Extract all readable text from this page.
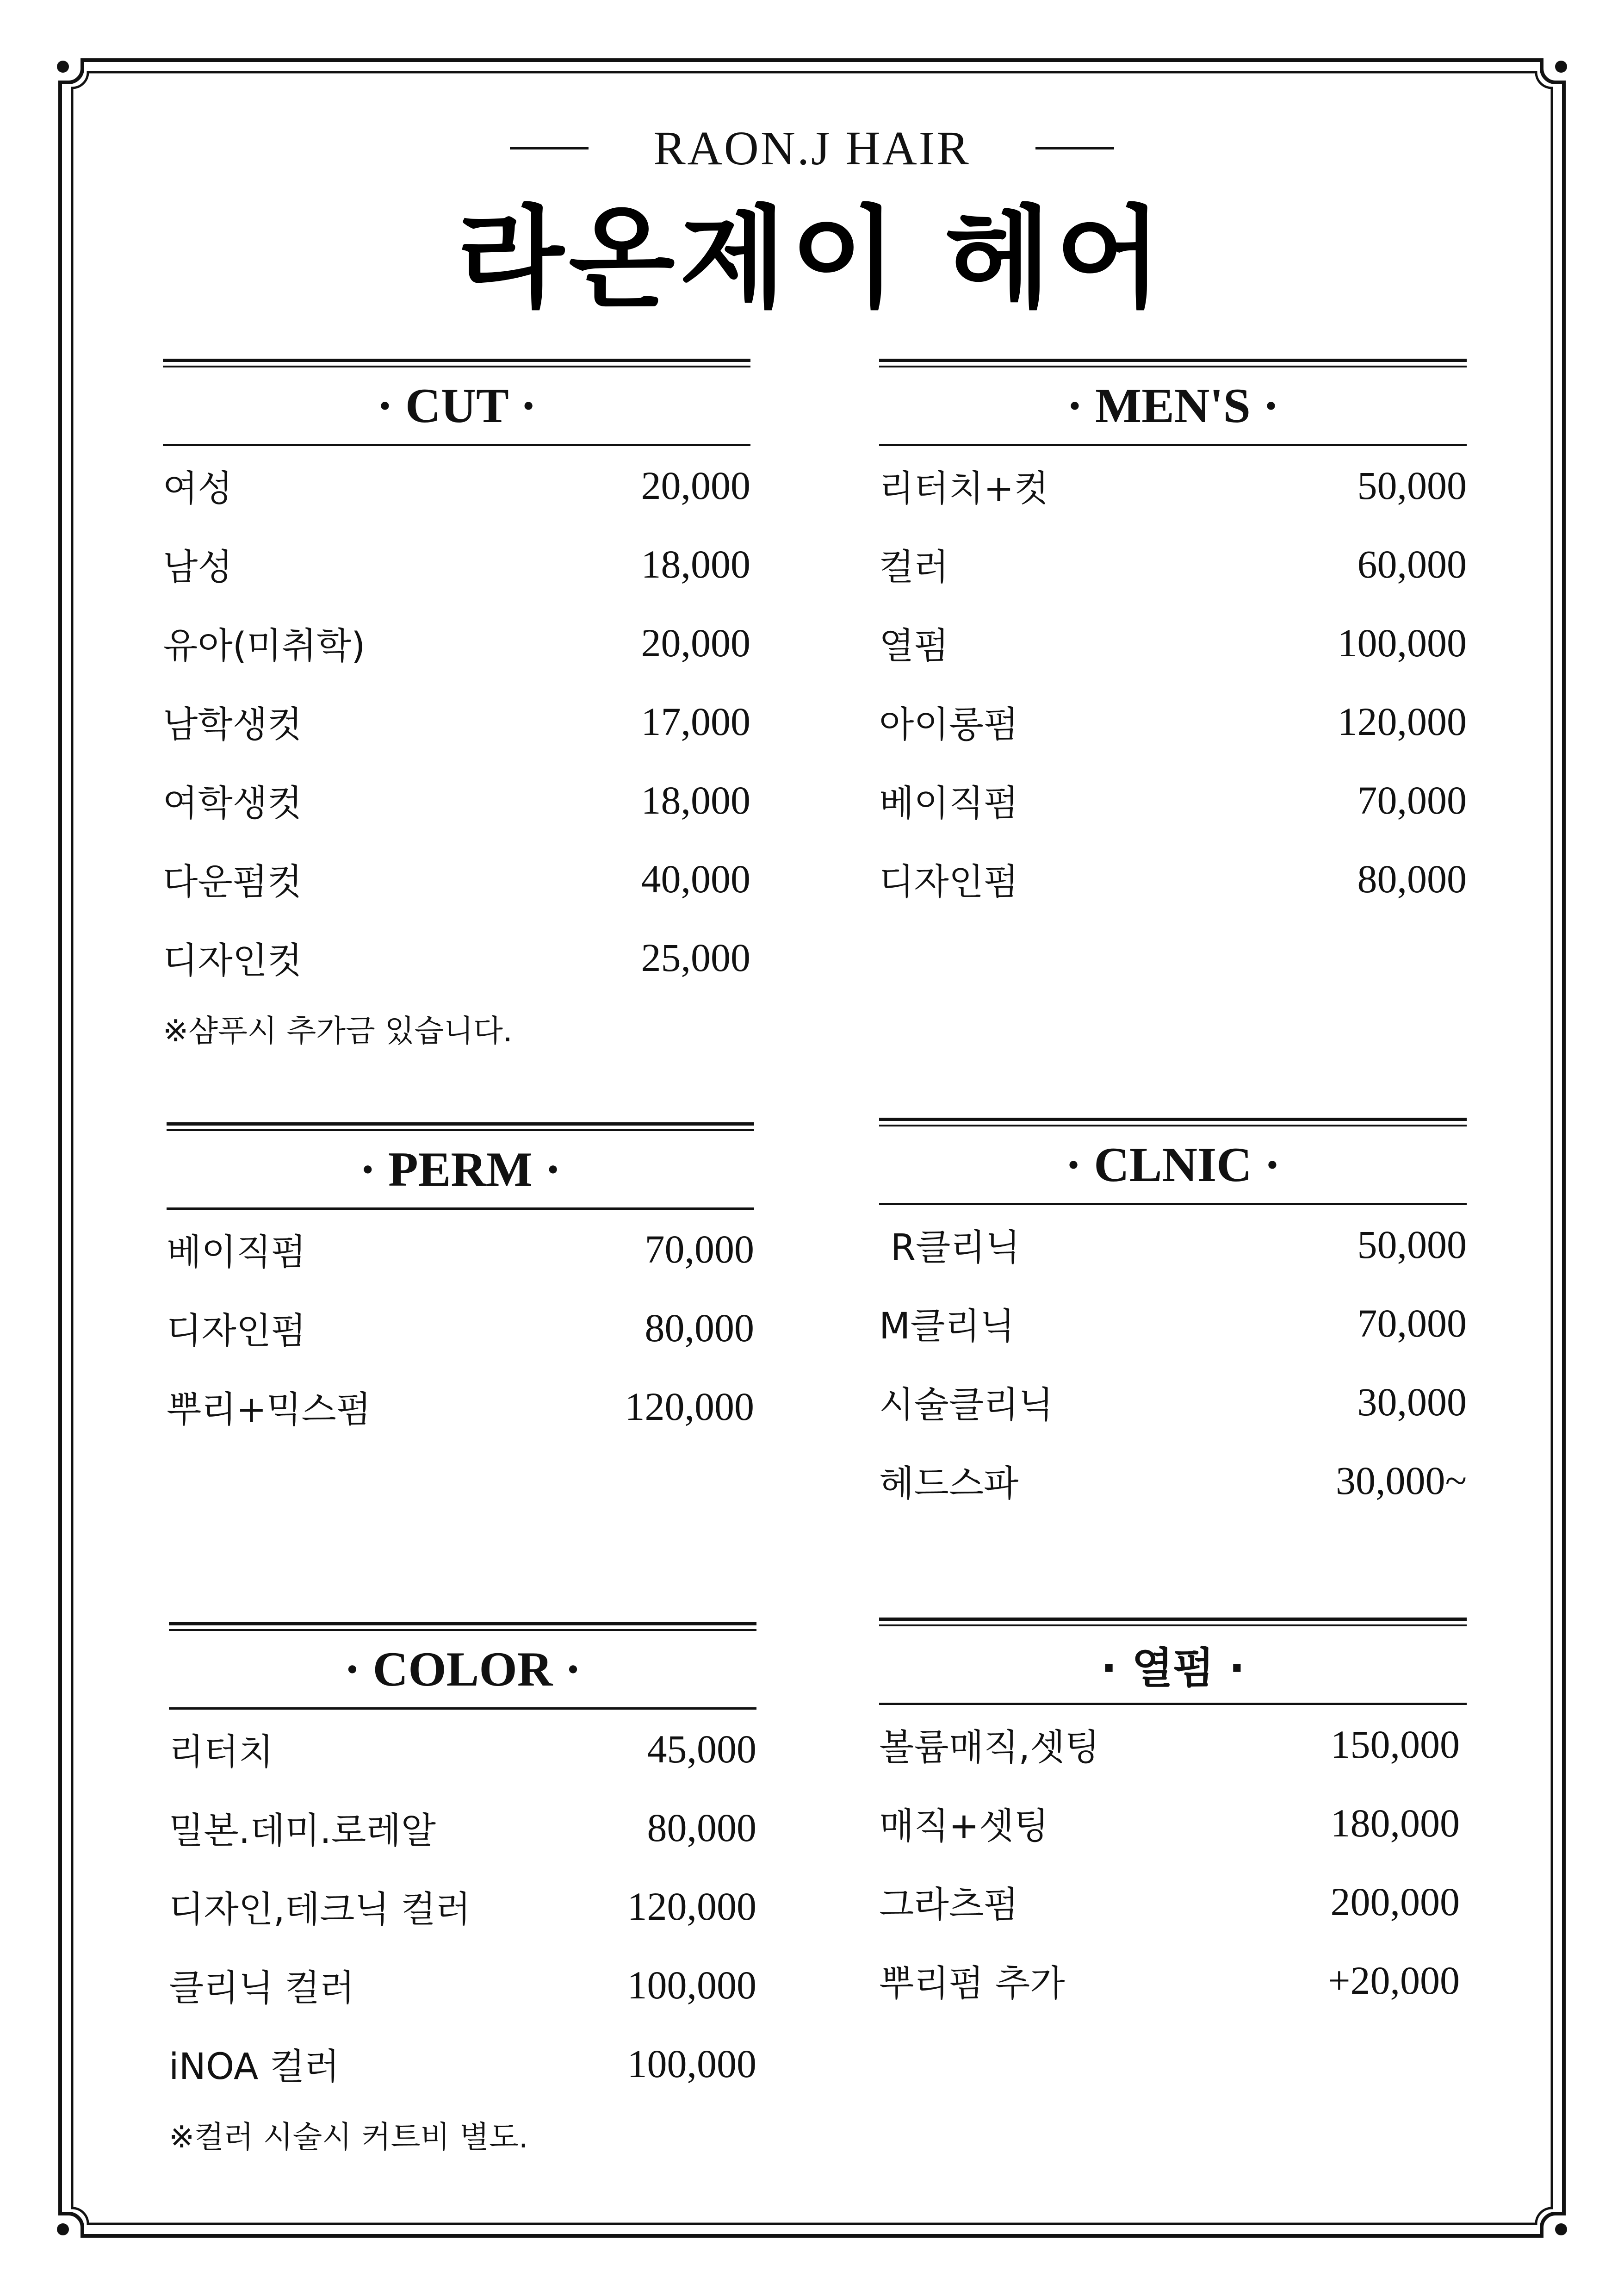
RAON.J HAIR
라온제이 헤어
· CUT ·
여성	20,000
남성	18,000
유아(미취학)	20,000
남학생컷	17,000
여학생컷	18,000
다운펌컷	40,000
디자인컷	25,000
※샴푸시 추가금 있습니다.
· MEN'S ·
리터치+컷	50,000
컬러	60,000
열펌	100,000
아이롱펌	120,000
베이직펌	70,000
디자인펌	80,000
· PERM ·
베이직펌	70,000
디자인펌	80,000
뿌리+믹스펌	120,000
· CLNIC ·
R클리닉	50,000
M클리닉	70,000
시술클리닉	30,000
헤드스파	30,000~
· COLOR ·
리터치	45,000
밀본.데미.로레알	80,000
디자인,테크닉 컬러	120,000
클리닉 컬러	100,000
iNOA 컬러	100,000
※컬러 시술시 커트비 별도.
· 열펌 ·
볼륨매직,셋팅	150,000
매직+셋팅	180,000
그라츠펌	200,000
뿌리펌 추가	+20,000
